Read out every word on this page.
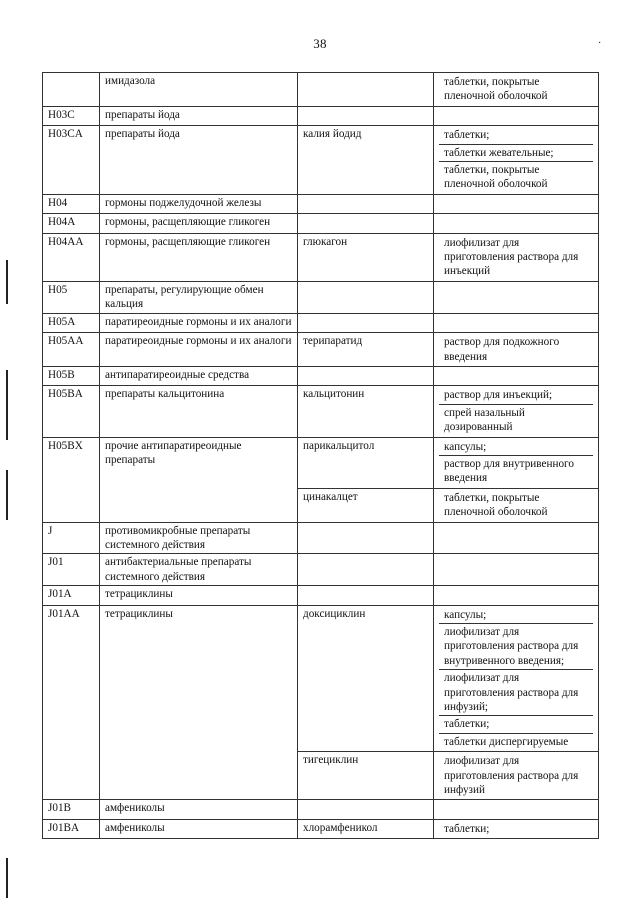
38	·
	имидазола		таблетки, покрытые пленочной оболочкой

H03C	препараты йода		

H03CA	препараты йода	калия йодид	таблетки;
таблетки жевательные;
таблетки, покрытые пленочной оболочкой

H04	гормоны поджелудочной железы		

H04A	гормоны, расщепляющие гликоген		

H04AA	гормоны, расщепляющие гликоген	глюкагон	лиофилизат для приготовления раствора для инъекций

H05	препараты, регулирующие обмен кальция		

H05A	паратиреоидные гормоны и их аналоги		

H05AA	паратиреоидные гормоны и их аналоги	терипаратид	раствор для подкожного введения

H05B	антипаратиреоидные средства		

H05BA	препараты кальцитонина	кальцитонин	раствор для инъекций;
спрей назальный дозированный

H05BX	прочие антипаратиреоидные препараты	парикальцитол	капсулы;
раствор для внутривенного введения

		цинакалцет	таблетки, покрытые пленочной оболочкой

J	противомикробные препараты системного действия		

J01	антибактериальные препараты системного действия		

J01A	тетрациклины		

J01AA	тетрациклины	доксициклин	капсулы;
лиофилизат для приготовления раствора для внутривенного введения;
лиофилизат для приготовления раствора для инфузий;
таблетки;
таблетки диспергируемые

		тигециклин	лиофилизат для приготовления раствора для инфузий

J01B	амфениколы		

J01BA	амфениколы	хлорамфеникол	таблетки;
